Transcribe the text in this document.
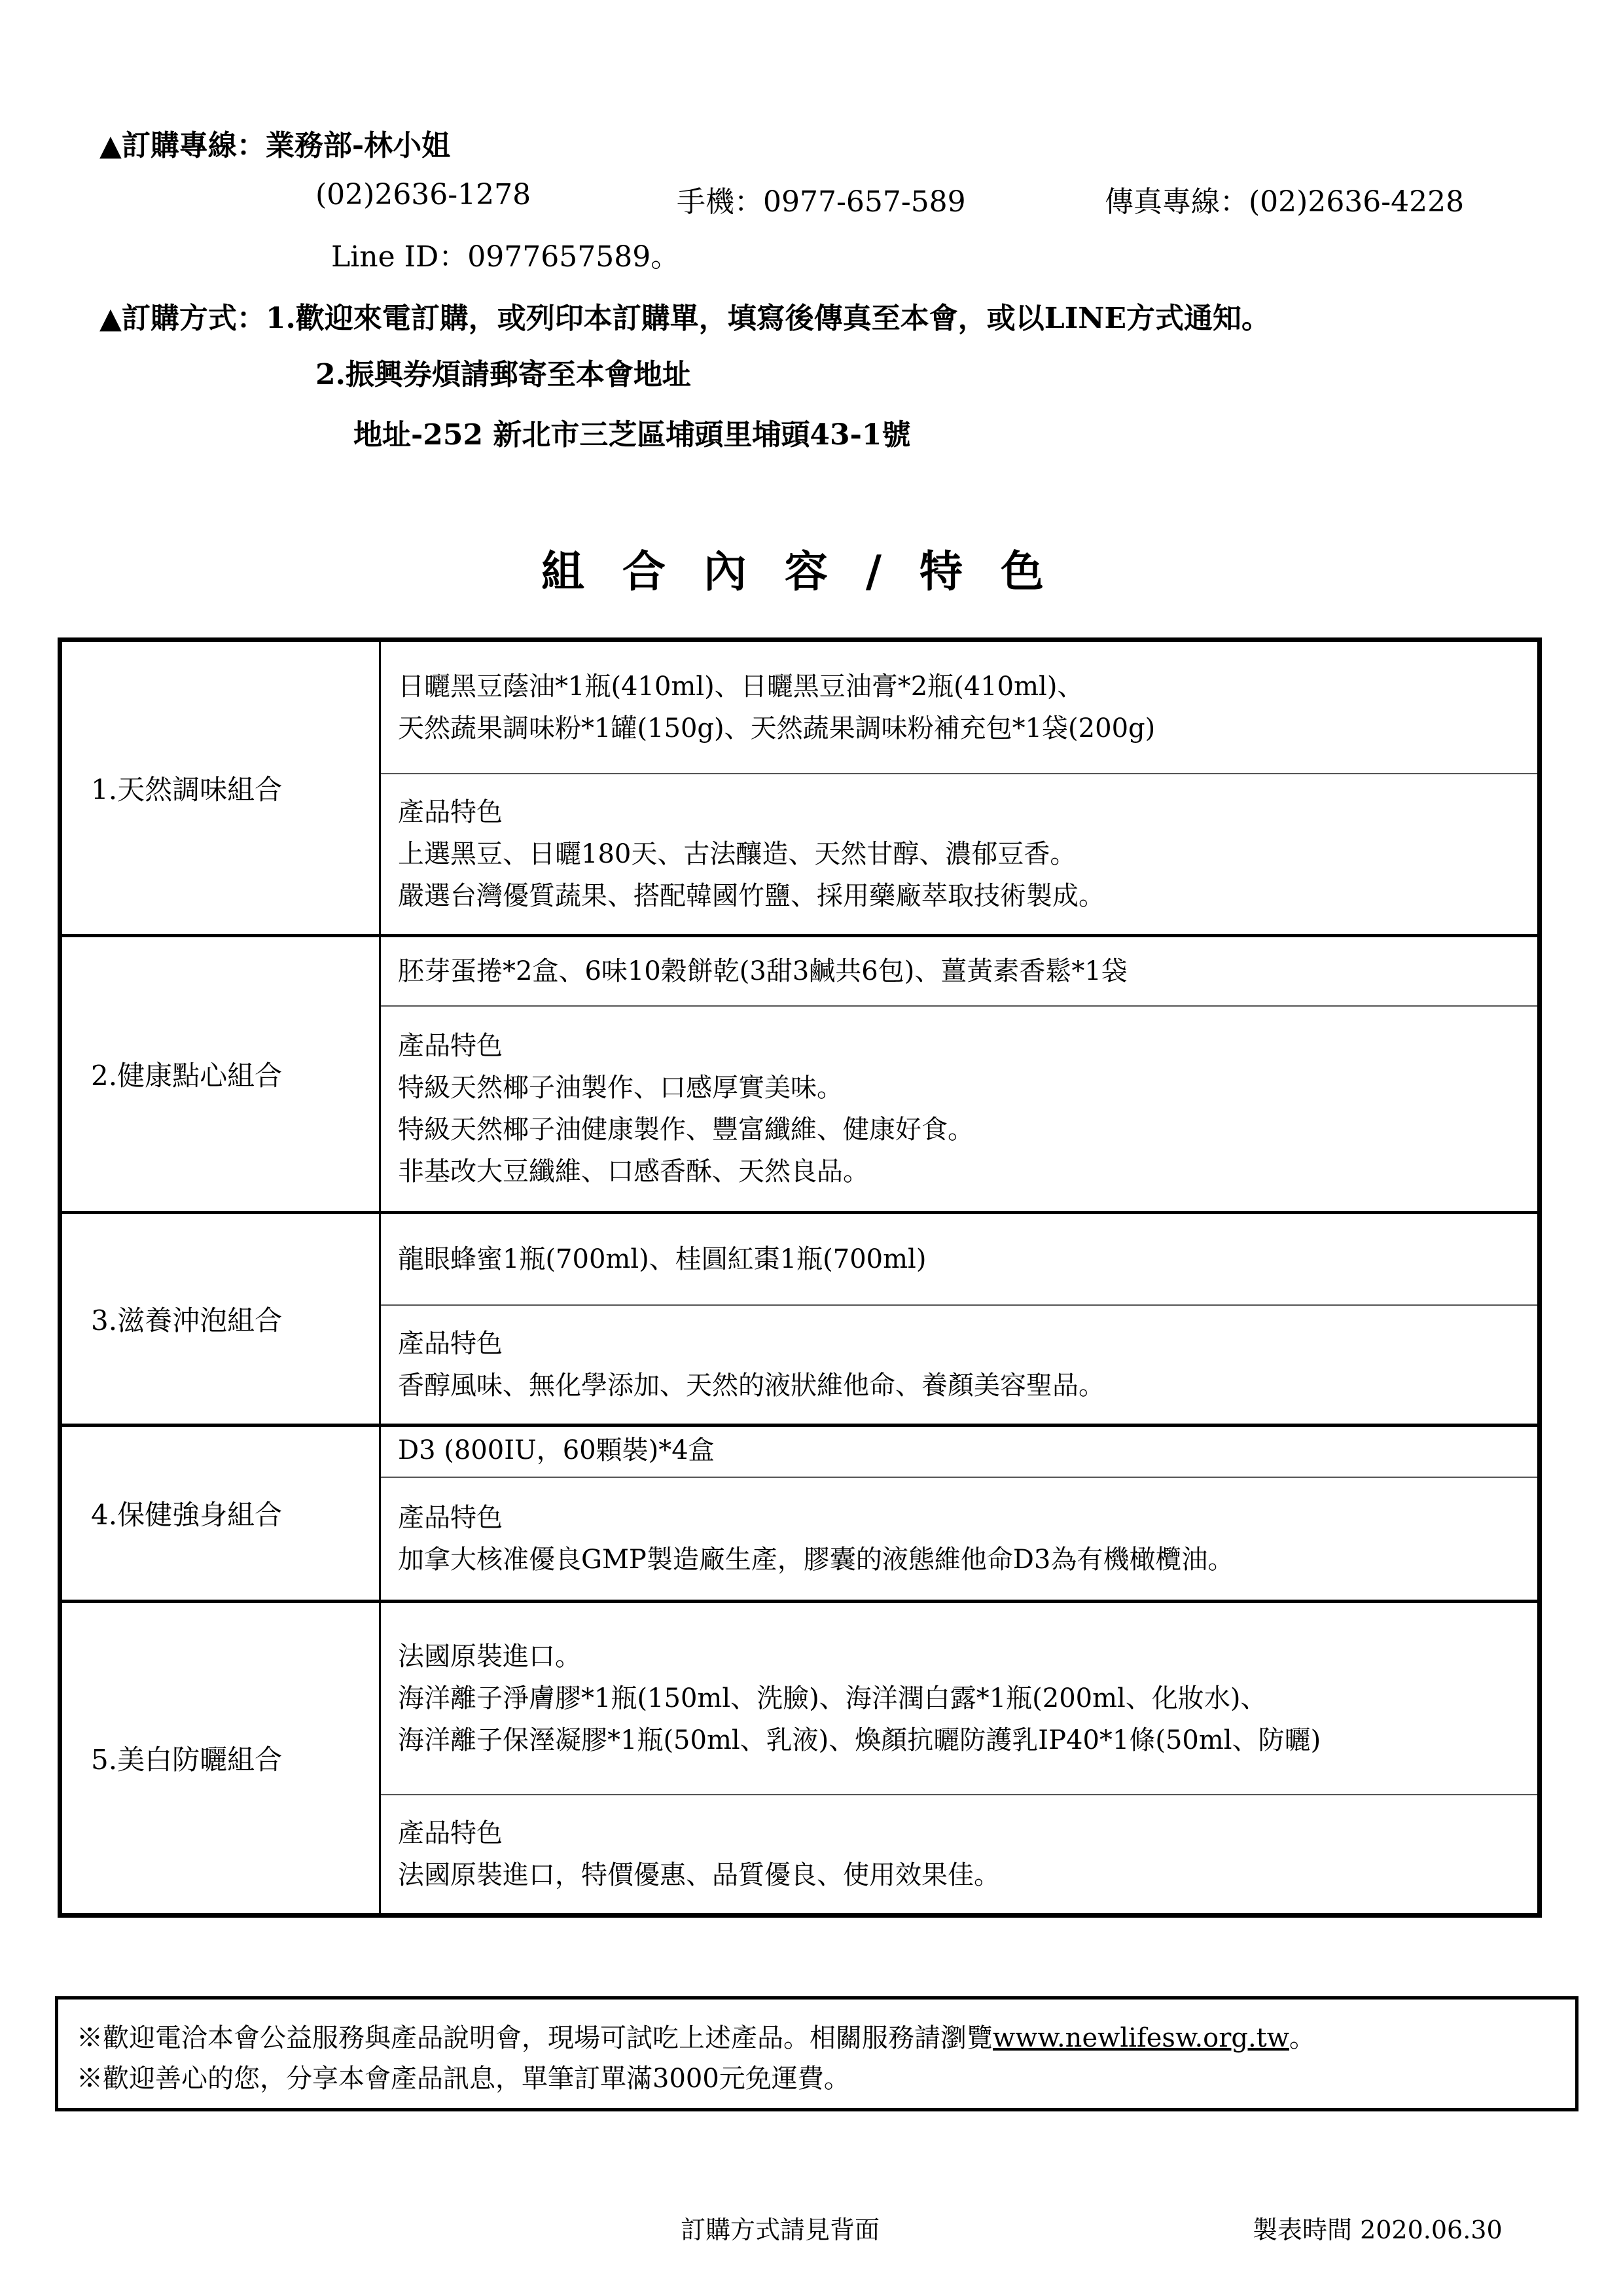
▲訂購專線：業務部-林小姐
(02)2636-1278	手機：0977-657-589	傳真專線：(02)2636-4228
Line ID：0977657589。
▲訂購方式：1.歡迎來電訂購，或列印本訂購單，填寫後傳真至本會，或以LINE方式通知。
2.振興券煩請郵寄至本會地址
地址-252 新北市三芝區埔頭里埔頭43-1號
組合內容/特色
1.天然調味組合	日曬黑豆蔭油*1瓶(410ml)、日曬黑豆油膏*2瓶(410ml)、
天然蔬果調味粉*1罐(150g)、天然蔬果調味粉補充包*1袋(200g)

	產品特色
上選黑豆、日曬180天、古法釀造、天然甘醇、濃郁豆香。
嚴選台灣優質蔬果、搭配韓國竹鹽、採用藥廠萃取技術製成。

2.健康點心組合	胚芽蛋捲*2盒、6味10穀餅乾(3甜3鹹共6包)、薑黃素香鬆*1袋

	產品特色
特級天然椰子油製作、口感厚實美味。
特級天然椰子油健康製作、豐富纖維、健康好食。
非基改大豆纖維、口感香酥、天然良品。

3.滋養沖泡組合	龍眼蜂蜜1瓶(700ml)、桂圓紅棗1瓶(700ml)

	產品特色
香醇風味、無化學添加、天然的液狀維他命、養顏美容聖品。

4.保健強身組合	D3 (800IU，60顆裝)*4盒

	產品特色
加拿大核准優良GMP製造廠生產，膠囊的液態維他命D3為有機橄欖油。

5.美白防曬組合	法國原裝進口。
海洋離子淨膚膠*1瓶(150ml、洗臉)、海洋潤白露*1瓶(200ml、化妝水)、
海洋離子保溼凝膠*1瓶(50ml、乳液)、煥顏抗曬防護乳IP40*1條(50ml、防曬)

	產品特色
法國原裝進口，特價優惠、品質優良、使用效果佳。
※歡迎電洽本會公益服務與產品說明會，現場可試吃上述產品。相關服務請瀏覽www.newlifesw.org.tw。
※歡迎善心的您，分享本會產品訊息，單筆訂單滿3000元免運費。
訂購方式請見背面	製表時間 2020.06.30
